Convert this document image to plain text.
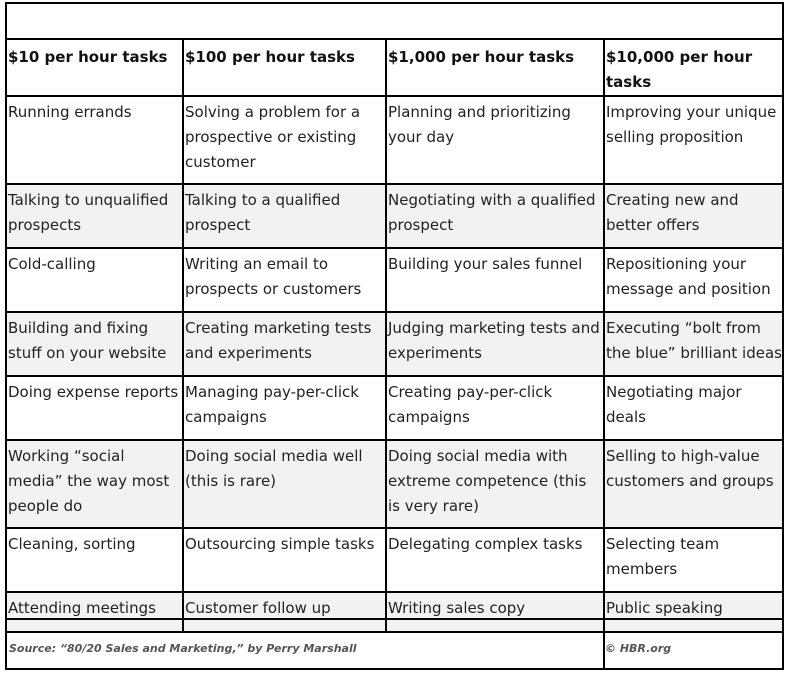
$10 per hour tasks	$100 per hour tasks	$1,000 per hour tasks	$10,000 per hour tasks
Running errands	Solving a problem for a prospective or existing customer	Planning and prioritizing your day	Improving your unique selling proposition
Talking to unqualified prospects	Talking to a qualified prospect	Negotiating with a qualified prospect	Creating new and better offers
Cold-calling	Writing an email to prospects or customers	Building your sales funnel	Repositioning your message and position
Building and fixing stuff on your website	Creating marketing tests and experiments	Judging marketing tests and experiments	Executing “bolt from the blue” brilliant ideas
Doing expense reports	Managing pay-per-click campaigns	Creating pay-per-click campaigns	Negotiating major deals
Working “social media” the way most people do	Doing social media well (this is rare)	Doing social media with extreme competence (this is very rare)	Selling to high-value customers and groups
Cleaning, sorting	Outsourcing simple tasks	Delegating complex tasks	Selecting team members
Attending meetings	Customer follow up	Writing sales copy	Public speaking
Source: “80/20 Sales and Marketing,” by Perry Marshall	© HBR.org
